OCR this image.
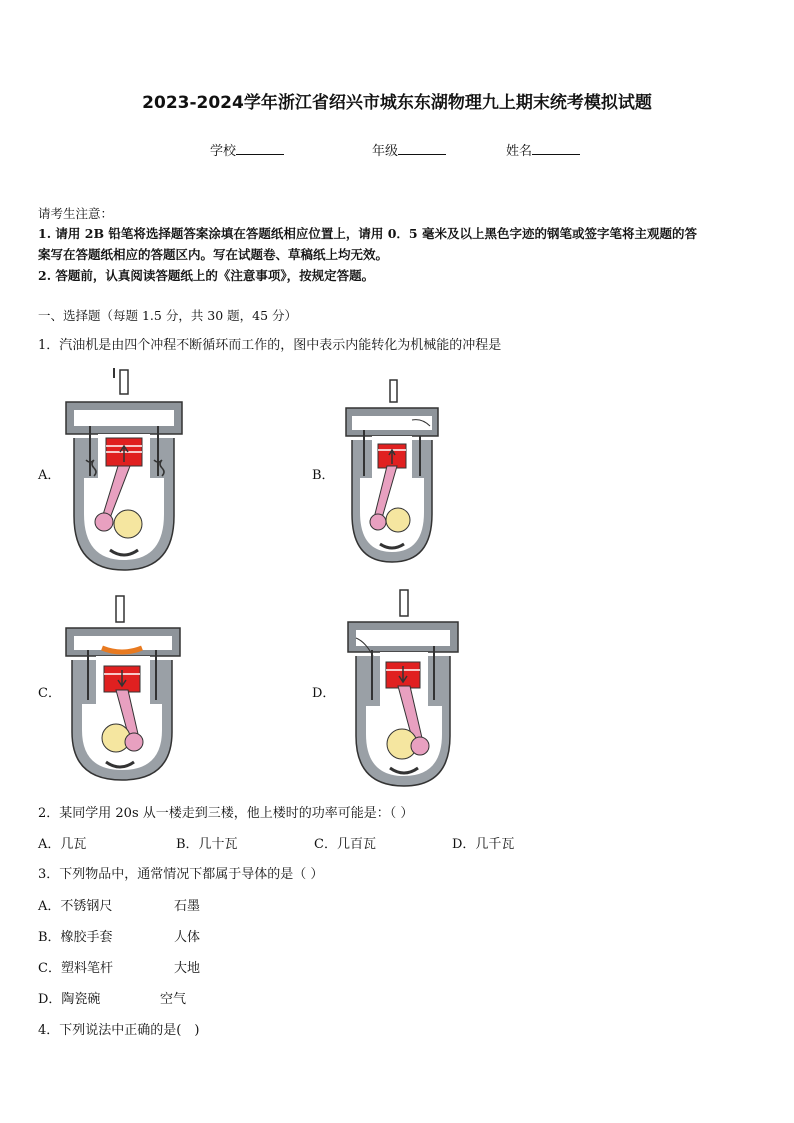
2023-2024学年浙江省绍兴市城东东湖物理九上期末统考模拟试题
学校	年级	姓名
请考生注意：
1. 请用 2B 铅笔将选择题答案涂填在答题纸相应位置上，请用 0．5 毫米及以上黑色字迹的钢笔或签字笔将主观题的答
案写在答题纸相应的答题区内。写在试题卷、草稿纸上均无效。
2. 答题前，认真阅读答题纸上的《注意事项》，按规定答题。
一、选择题（每题 1.5 分，共 30 题，45 分）
1．汽油机是由四个冲程不断循环而工作的，图中表示内能转化为机械能的冲程是
A．	B．
C．	D．
2．某同学用 20s 从一楼走到三楼，他上楼时的功率可能是：（ ）
A．几瓦	B．几十瓦	C．几百瓦	D．几千瓦
3．下列物品中，通常情况下都属于导体的是（ ）
A．不锈钢尺	石墨
B．橡胶手套	人体
C．塑料笔杆	大地
D．陶瓷碗	空气
4．下列说法中正确的是(　)
